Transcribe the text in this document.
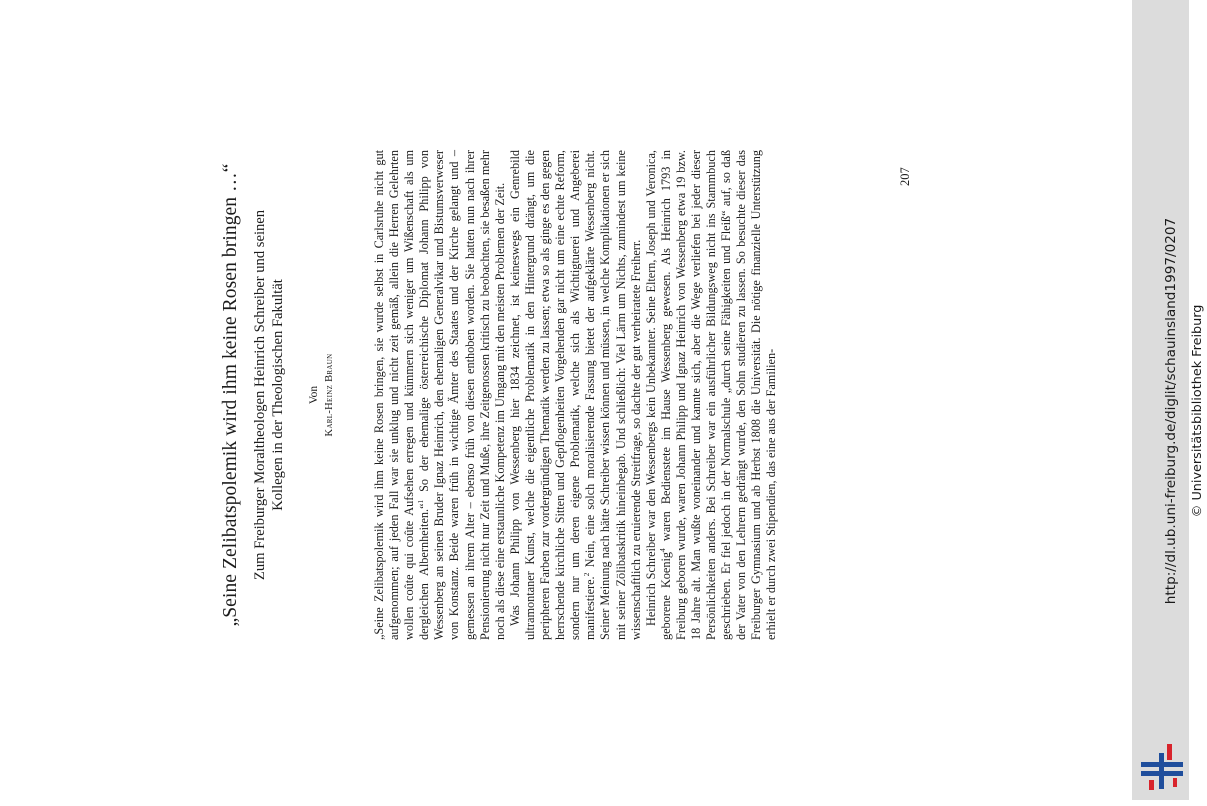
„Seine Zelibatspolemik wird ihm keine Rosen bringen …“ Zum Freiburger Moraltheologen Heinrich Schreiber und seinen Kollegen in der Theologischen Fakultät Von Karl-Heinz Braun	„Seine Zelibatspolemik wird ihm keine Rosen bringen, sie wurde selbst in Carlsruhe nicht gut aufgenommen; auf jeden Fall war sie unklug und nicht zeit gemäß, allein die Herren Gelehrten wollen coûte qui coûte Aufsehen erregen und kümmern sich weniger um Wißenschaft als um dergleichen Albernheiten.“$^1$ So der ehemalige österreichische Diplomat Johann Philipp von Wessenberg an seinen Bruder Ignaz Heinrich, den ehemaligen Generalvikar und Bistumsverweser von Konstanz. Beide waren früh in wichtige Ämter des Staates und der Kirche gelangt und – gemessen an ihrem Alter – ebenso früh von diesen enthoben worden. Sie hatten nun nach ihrer Pensionierung nicht nur Zeit und Muße, ihre Zeitgenossen kritisch zu beobachten, sie besaßen mehr noch als diese eine erstaunliche Kompetenz im Umgang mit den meisten Problemen der Zeit. Was Johann Philipp von Wessenberg hier 1834 zeichnet, ist keineswegs ein Genrebild ultramontaner Kunst, welche die eigentliche Problematik in den Hintergrund drängt, um die peripheren Farben zur vordergründigen Thematik werden zu lassen; etwa so als ginge es den gegen herrschende kirchliche Sitten und Gepflogenheiten Vorgehenden gar nicht um eine echte Reform, sondern nur um deren eigene Problematik, welche sich als Wichtigtuerei und Angeberei manifestiere.$^2$ Nein, eine solch moralisierende Fassung bietet der aufgeklärte Wessenberg nicht. Seiner Meinung nach hätte Schreiber wissen können und müssen, in welche Komplikationen er sich mit seiner Zölibatskritik hineinbegab. Und schließlich: Viel Lärm um Nichts, zumindest um keine wissenschaftlich zu eruierende Streitfrage, so dachte der gut verheiratete Freiherr. Heinrich Schreiber war den Wessenbergs kein Unbekannter. Seine Eltern, Joseph und Veronica, geborene Koenig$^4$ waren Bedienstete im Hause Wessenberg gewesen. Als Heinrich 1793 in Freiburg geboren wurde, waren Johann Philipp und Ignaz Heinrich von Wessenberg etwa 19 bzw. 18 Jahre alt. Man wußte voneinander und kannte sich, aber die Wege verliefen bei jeder dieser Persönlichkeiten anders. Bei Schreiber war ein ausführlicher Bildungsweg nicht ins Stammbuch geschrieben. Er fiel jedoch in der Normalschule „durch seine Fähigkeiten und Fleiß“ auf, so daß der Vater von den Lehrern gedrängt wurde, den Sohn studieren zu lassen. So besuchte dieser das Freiburger Gymnasium und ab Herbst 1808 die Universität. Die nötige finanzielle Unterstützung erhielt er durch zwei Stipendien, das eine aus der Familien-

207
http://dl.ub.uni-freiburg.de/diglit/schauinsland1997/0207 © Universitätsbibliothek Freiburg
